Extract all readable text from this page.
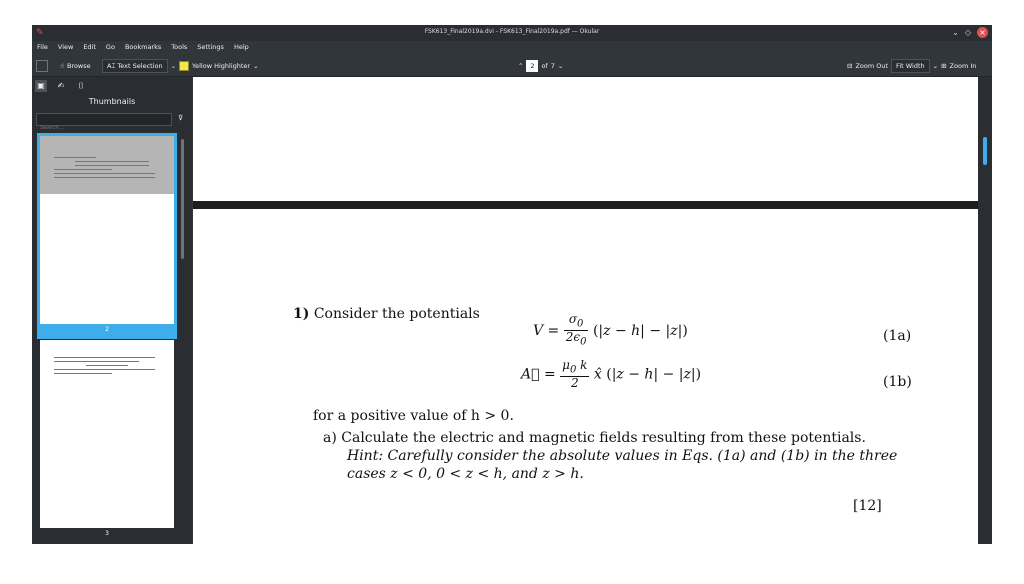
✎	FSK613_Final2019a.dvi - FSK613_Final2019a.pdf — Okular	⌄ ◇ ×
File View Edit Go Bookmarks Tools Settings Help
☝ Browse	A⌶ Text Selection	⌄ Yellow Highlighter ⌄	⌃	2	of 7 ⌄	⊟ Zoom Out	Fit Width	⌄ ⊞ Zoom In
▣	✍	⌷
Thumbnails
Search...
⊽
2
3
1) Consider the potentials
$V = \frac{\sigma_0}{2\epsilon_0} (|z - h| - |z|)$	(1a)
A⃗ = $\frac{\mu_0 k}{2}$ x̂ (|z − h| − |z|)	(1b)
for a positive value of h > 0.
a) Calculate the electric and magnetic fields resulting from these potentials.
Hint: Carefully consider the absolute values in Eqs. (1a) and (1b) in the three cases z < 0, 0 < z < h, and z > h.
[12]
